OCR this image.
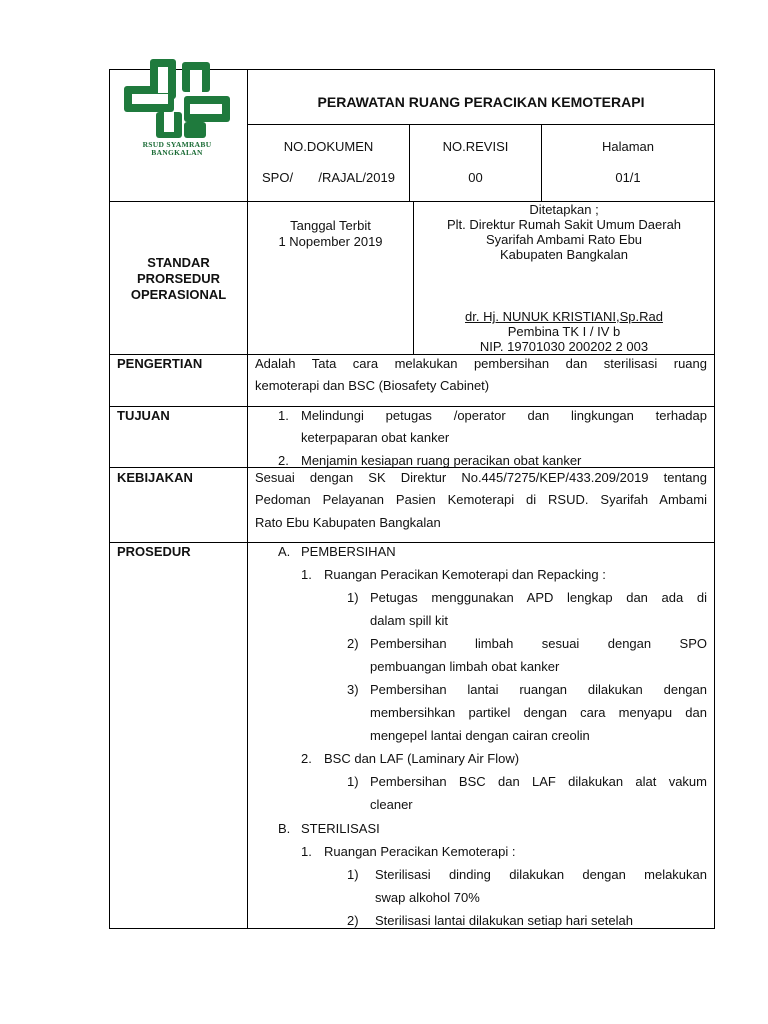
RSUD SYAMRABU
BANGKALAN
PERAWATAN RUANG PERACIKAN KEMOTERAPI
NO.DOKUMEN
SPO/       /RAJAL/2019
NO.REVISI
00
Halaman
01/1
STANDAR
PRORSEDUR
OPERASIONAL
Tanggal Terbit
1 Nopember 2019
Ditetapkan ;
Plt. Direktur Rumah Sakit Umum Daerah
Syarifah Ambami Rato Ebu
Kabupaten Bangkalan
dr. Hj. NUNUK KRISTIANI,Sp.Rad
Pembina TK I / IV b
NIP. 19701030 200202 2 003
PENGERTIAN	Adalah Tata cara melakukan pembersihan dan sterilisasi ruang
kemoterapi dan BSC (Biosafety Cabinet)
TUJUAN	1. Melindungi petugas /operator dan lingkungan terhadap
keterpaparan obat kanker
2. Menjamin kesiapan ruang peracikan obat kanker
KEBIJAKAN	Sesuai dengan SK Direktur No.445/7275/KEP/433.209/2019 tentang
Pedoman Pelayanan Pasien Kemoterapi di RSUD. Syarifah Ambami
Rato Ebu Kabupaten Bangkalan
PROSEDUR	A. PEMBERSIHAN
1. Ruangan Peracikan Kemoterapi dan Repacking :
1) Petugas menggunakan APD lengkap dan ada di
dalam spill kit
2) Pembersihan limbah sesuai dengan SPO
pembuangan limbah obat kanker
3) Pembersihan lantai ruangan dilakukan dengan
membersihkan partikel dengan cara menyapu dan
mengepel lantai dengan cairan creolin
2. BSC dan LAF (Laminary Air Flow)
1) Pembersihan BSC dan LAF dilakukan alat vakum
cleaner
B. STERILISASI
1. Ruangan Peracikan Kemoterapi :
1) Sterilisasi dinding dilakukan dengan melakukan
swap alkohol 70%
2) Sterilisasi lantai dilakukan setiap hari setelah
